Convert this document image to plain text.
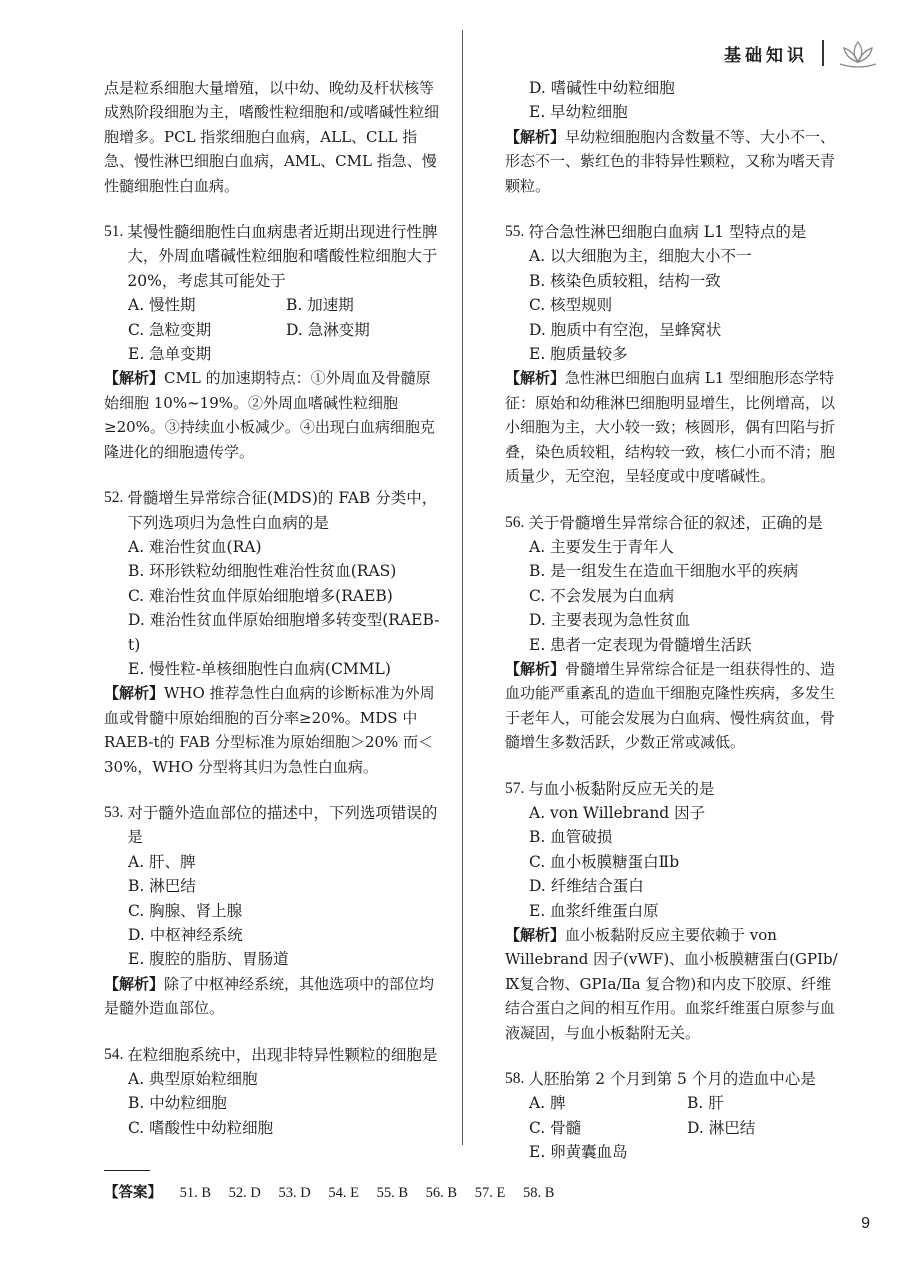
基础知识
点是粒系细胞大量增殖，以中幼、晚幼及杆状核等成熟阶段细胞为主，嗜酸性粒细胞和/或嗜碱性粒细胞增多。PCL 指浆细胞白血病，ALL、CLL 指急、慢性淋巴细胞白血病，AML、CML 指急、慢性髓细胞性白血病。
51. 某慢性髓细胞性白血病患者近期出现进行性脾大，外周血嗜碱性粒细胞和嗜酸性粒细胞大于 20%，考虑其可能处于
A. 慢性期	B. 加速期
C. 急粒变期	D. 急淋变期
E. 急单变期
【解析】CML 的加速期特点：①外周血及骨髓原始细胞 10%~19%。②外周血嗜碱性粒细胞≥20%。③持续血小板减少。④出现白血病细胞克隆进化的细胞遗传学。
52. 骨髓增生异常综合征(MDS)的 FAB 分类中，下列选项归为急性白血病的是
A. 难治性贫血(RA)
B. 环形铁粒幼细胞性难治性贫血(RAS)
C. 难治性贫血伴原始细胞增多(RAEB)
D. 难治性贫血伴原始细胞增多转变型(RAEB-t)
E. 慢性粒-单核细胞性白血病(CMML)
【解析】WHO 推荐急性白血病的诊断标准为外周血或骨髓中原始细胞的百分率≥20%。MDS 中 RAEB-t的 FAB 分型标准为原始细胞＞20% 而＜30%，WHO 分型将其归为急性白血病。
53. 对于髓外造血部位的描述中，下列选项错误的是
A. 肝、脾
B. 淋巴结
C. 胸腺、肾上腺
D. 中枢神经系统
E. 腹腔的脂肪、胃肠道
【解析】除了中枢神经系统，其他选项中的部位均是髓外造血部位。
54. 在粒细胞系统中，出现非特异性颗粒的细胞是
A. 典型原始粒细胞
B. 中幼粒细胞
C. 嗜酸性中幼粒细胞
D. 嗜碱性中幼粒细胞
E. 早幼粒细胞
【解析】早幼粒细胞胞内含数量不等、大小不一、形态不一、紫红色的非特异性颗粒，又称为嗜天青颗粒。
55. 符合急性淋巴细胞白血病 L1 型特点的是
A. 以大细胞为主，细胞大小不一
B. 核染色质较粗，结构一致
C. 核型规则
D. 胞质中有空泡，呈蜂窝状
E. 胞质量较多
【解析】急性淋巴细胞白血病 L1 型细胞形态学特征：原始和幼稚淋巴细胞明显增生，比例增高，以小细胞为主，大小较一致；核圆形，偶有凹陷与折叠，染色质较粗，结构较一致，核仁小而不清；胞质量少，无空泡，呈轻度或中度嗜碱性。
56. 关于骨髓增生异常综合征的叙述，正确的是
A. 主要发生于青年人
B. 是一组发生在造血干细胞水平的疾病
C. 不会发展为白血病
D. 主要表现为急性贫血
E. 患者一定表现为骨髓增生活跃
【解析】骨髓增生异常综合征是一组获得性的、造血功能严重紊乱的造血干细胞克隆性疾病，多发生于老年人，可能会发展为白血病、慢性病贫血，骨髓增生多数活跃，少数正常或减低。
57. 与血小板黏附反应无关的是
A. von Willebrand 因子
B. 血管破损
C. 血小板膜糖蛋白Ⅱb
D. 纤维结合蛋白
E. 血浆纤维蛋白原
【解析】血小板黏附反应主要依赖于 von Willebrand 因子(vWF)、血小板膜糖蛋白(GPⅠb/Ⅸ复合物、GPⅠa/Ⅱa 复合物)和内皮下胶原、纤维结合蛋白之间的相互作用。血浆纤维蛋白原参与血液凝固，与血小板黏附无关。
58. 人胚胎第 2 个月到第 5 个月的造血中心是
A. 脾	B. 肝
C. 骨髓	D. 淋巴结
E. 卵黄囊血岛
【答案】 51. B 52. D 53. D 54. E 55. B 56. B 57. E 58. B
9
